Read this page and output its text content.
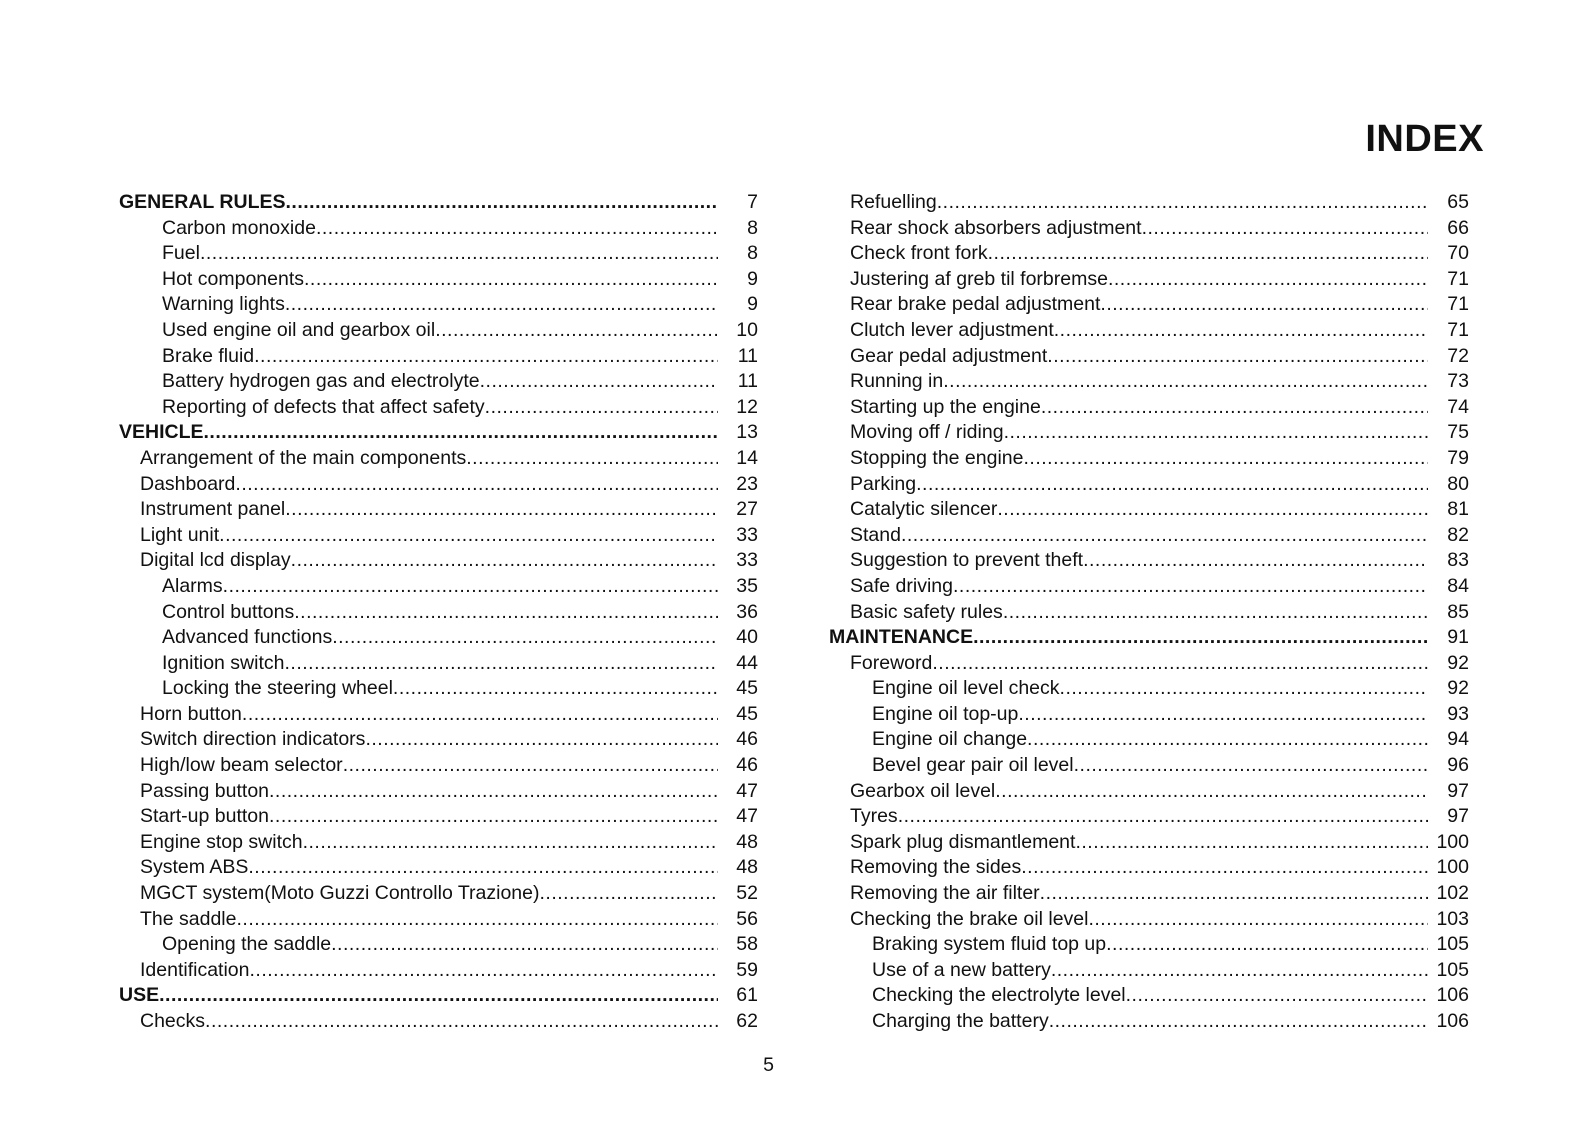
INDEX
GENERAL RULES .....	7
Carbon monoxide .....	8
Fuel .....	8
Hot components .....	9
Warning lights .....	9
Used engine oil and gearbox oil .....	10
Brake fluid .....	11
Battery hydrogen gas and electrolyte .....	11
Reporting of defects that affect safety .....	12
VEHICLE .....	13
Arrangement of the main components .....	14
Dashboard .....	23
Instrument panel .....	27
Light unit .....	33
Digital lcd display .....	33
Alarms .....	35
Control buttons .....	36
Advanced functions .....	40
Ignition switch .....	44
Locking the steering wheel .....	45
Horn button .....	45
Switch direction indicators .....	46
High/low beam selector .....	46
Passing button .....	47
Start-up button .....	47
Engine stop switch .....	48
System ABS .....	48
MGCT system(Moto Guzzi Controllo Trazione) .....	52
The saddle .....	56
Opening the saddle .....	58
Identification .....	59
USE .....	61
Checks .....	62
Refuelling .....	65
Rear shock absorbers adjustment .....	66
Check front fork .....	70
Justering af greb til forbremse .....	71
Rear brake pedal adjustment .....	71
Clutch lever adjustment .....	71
Gear pedal adjustment .....	72
Running in .....	73
Starting up the engine .....	74
Moving off / riding .....	75
Stopping the engine .....	79
Parking .....	80
Catalytic silencer .....	81
Stand .....	82
Suggestion to prevent theft .....	83
Safe driving .....	84
Basic safety rules .....	85
MAINTENANCE .....	91
Foreword .....	92
Engine oil level check .....	92
Engine oil top-up .....	93
Engine oil change .....	94
Bevel gear pair oil level .....	96
Gearbox oil level .....	97
Tyres .....	97
Spark plug dismantlement .....	100
Removing the sides .....	100
Removing the air filter .....	102
Checking the brake oil level .....	103
Braking system fluid top up .....	105
Use of a new battery .....	105
Checking the electrolyte level .....	106
Charging the battery .....	106
5
